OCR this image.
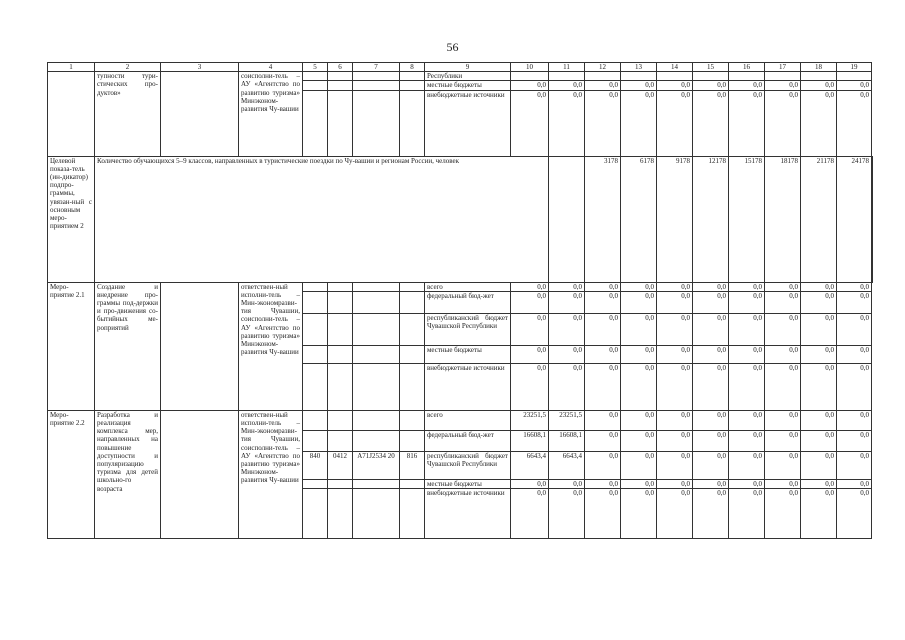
56
1	2	3	4	5	6	7	8	9	10	11	12	13	14	15	16	17	18	19	
	тупности тури-стических про-дуктов»		соисполни-тель – АУ «Агентство по развитию туризма» Минэконом-развития Чу-вашии					Республики											
								местные бюджеты	0,0	0,0	0,0	0,0	0,0	0,0	0,0	0,0	0,0	0,0	
								внебюджетные источники	0,0	0,0	0,0	0,0	0,0	0,0	0,0	0,0	0,0	0,0	
Целевой показа-тель (ин-дикатор) подпро-граммы, увязан-ный с основным меро-приятием 2	Количество обучающихся 5–9 классов, направленных в туристические поездки по Чу-вашии и регионам России, человек										3178	6178	9178	12178	15178	18178	21178	24178	
Меро-приятие 2.1	Создание и внедрение про-граммы под-держки и про-движения со-бытийных ме-роприятий		ответствен-ный исполни-тель – Мин-экономразви-тия Чувашии, соисполни-тель – АУ «Агентство по развитию туризма» Минэконом-развития Чу-вашии					всего	0,0	0,0	0,0	0,0	0,0	0,0	0,0	0,0	0,0	0,0	
								федеральный бюд-жет	0,0	0,0	0,0	0,0	0,0	0,0	0,0	0,0	0,0	0,0	
								республиканский бюджет Чувашской Республики	0,0	0,0	0,0	0,0	0,0	0,0	0,0	0,0	0,0	0,0	
								местные бюджеты	0,0	0,0	0,0	0,0	0,0	0,0	0,0	0,0	0,0	0,0	
								внебюджетные источники	0,0	0,0	0,0	0,0	0,0	0,0	0,0	0,0	0,0	0,0	
Меро-приятие 2.2	Разработка и реализация комплекса мер, направленных на повышение доступности и популяризацию туризма для детей школьно-го возраста		ответствен-ный исполни-тель – Мин-экономразви-тия Чувашии, соисполни-тель – АУ «Агентство по развитию туризма» Минэконом-развития Чу-вашии					всего	23251,5	23251,5	0,0	0,0	0,0	0,0	0,0	0,0	0,0	0,0	
								федеральный бюд-жет	16608,1	16608,1	0,0	0,0	0,0	0,0	0,0	0,0	0,0	0,0	
				840	0412	А71J2534 20	816	республиканский бюджет Чувашской Республики	6643,4	6643,4	0,0	0,0	0,0	0,0	0,0	0,0	0,0	0,0	
								местные бюджеты	0,0	0,0	0,0	0,0	0,0	0,0	0,0	0,0	0,0	0,0	
								внебюджетные источники	0,0	0,0	0,0	0,0	0,0	0,0	0,0	0,0	0,0	0,0	
